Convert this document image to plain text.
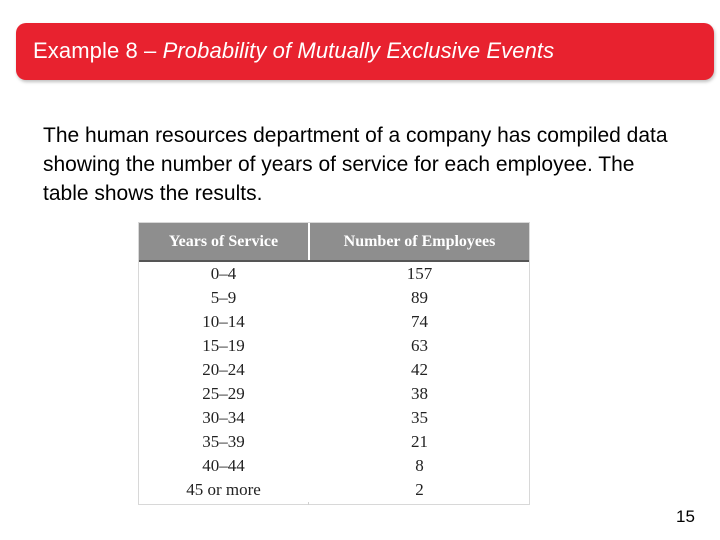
Example 8 – Probability of Mutually Exclusive Events
The human resources department of a company has compiled data showing the number of years of service for each employee. The table shows the results.
Years of Service	Number of Employees
0–4	157
5–9	89
10–14	74
15–19	63
20–24	42
25–29	38
30–34	35
35–39	21
40–44	8
45 or more	2
15
